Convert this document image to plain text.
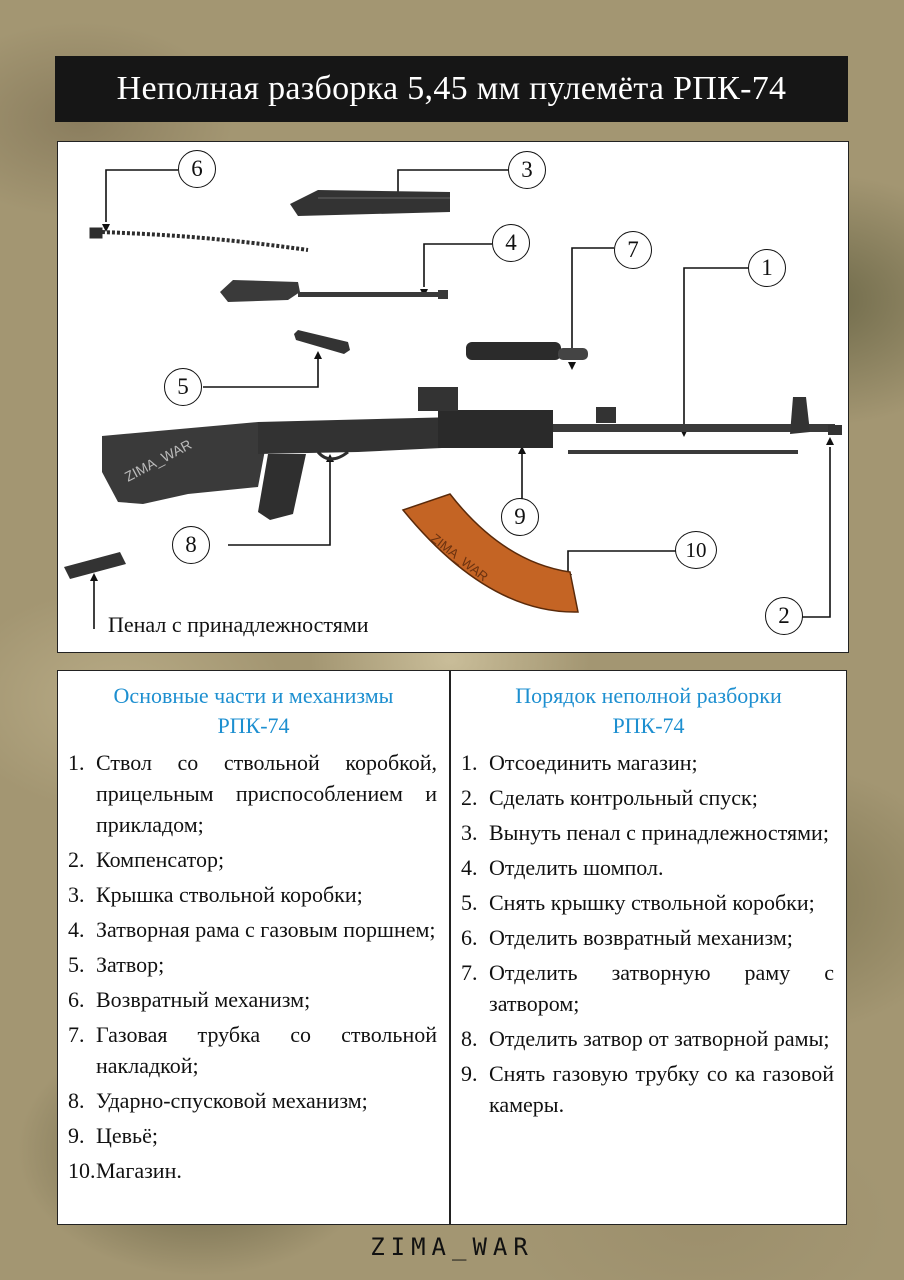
Неполная разборка 5,45 мм пулемёта РПК-74
ZIMA_WAR
ZIMA_WAR
1
2
3
4
5
6
7
8
9
10
Пенал с принадлежностями
Основные части и механизмы
РПК-74
1. Ствол со ствольной коробкой, прицельным приспособлением и прикладом;
2. Компенсатор;
3. Крышка ствольной коробки;
4. Затворная рама с газовым поршнем;
5. Затвор;
6. Возвратный механизм;
7. Газовая трубка со ствольной накладкой;
8. Ударно-спусковой механизм;
9. Цевьё;
10. Магазин.
Порядок неполной разборки
РПК-74
1. Отсоединить магазин;
2. Сделать контрольный спуск;
3. Вынуть пенал с принадлежностями;
4. Отделить шомпол.
5. Снять крышку ствольной коробки;
6. Отделить возвратный механизм;
7. Отделить затворную раму с затвором;
8. Отделить затвор от затворной рамы;
9. Снять газовую трубку со ка газовой камеры.
ZIMA_WAR
